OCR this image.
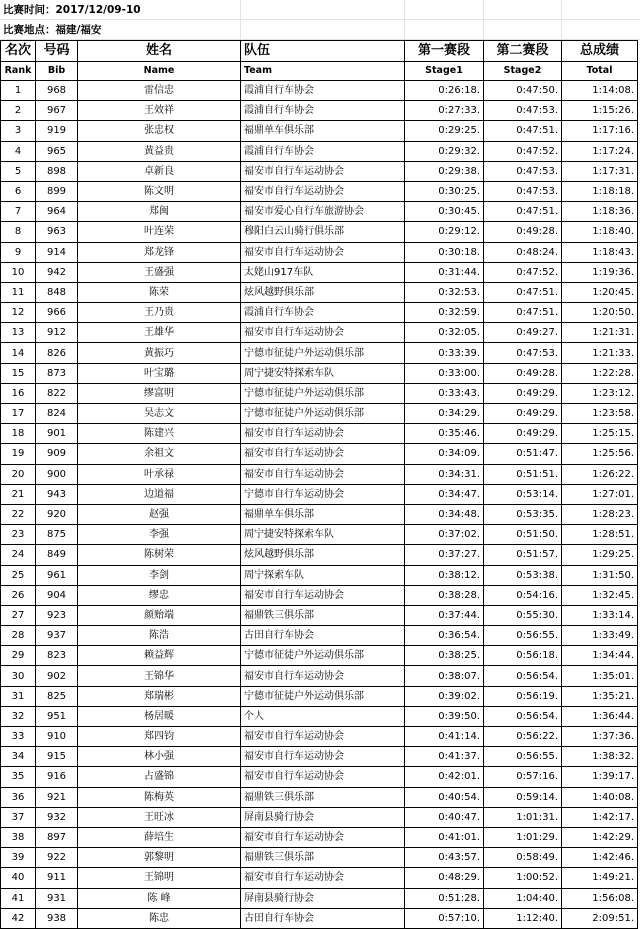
比赛时间：2017/12/09-10
比赛地点：福建/福安
名次	号码	姓名	队伍	第一赛段	第二赛段	总成绩
Rank	Bib	Name	Team	Stage1	Stage2	Total
1	968	雷信忠	霞浦自行车协会	0:26:18.	0:47:50.	1:14:08.
2	967	王效祥	霞浦自行车协会	0:27:33.	0:47:53.	1:15:26.
3	919	张忠权	福鼎单车俱乐部	0:29:25.	0:47:51.	1:17:16.
4	965	黄益贵	霞浦自行车协会	0:29:32.	0:47:52.	1:17:24.
5	898	卓新良	福安市自行车运动协会	0:29:38.	0:47:53.	1:17:31.
6	899	陈文明	福安市自行车运动协会	0:30:25.	0:47:53.	1:18:18.
7	964	郑闽	福安市爱心自行车旅游协会	0:30:45.	0:47:51.	1:18:36.
8	963	叶连荣	穆阳白云山骑行俱乐部	0:29:12.	0:49:28.	1:18:40.
9	914	郑龙锋	福安市自行车运动协会	0:30:18.	0:48:24.	1:18:43.
10	942	王盛强	太姥山917车队	0:31:44.	0:47:52.	1:19:36.
11	848	陈荣	炫风越野俱乐部	0:32:53.	0:47:51.	1:20:45.
12	966	王乃贵	霞浦自行车协会	0:32:59.	0:47:51.	1:20:50.
13	912	王雄华	福安市自行车运动协会	0:32:05.	0:49:27.	1:21:31.
14	826	黄振巧	宁德市征徒户外运动俱乐部	0:33:39.	0:47:53.	1:21:33.
15	873	叶宝璐	周宁捷安特探索车队	0:33:00.	0:49:28.	1:22:28.
16	822	缪富明	宁德市征徒户外运动俱乐部	0:33:43.	0:49:29.	1:23:12.
17	824	吴志文	宁德市征徒户外运动俱乐部	0:34:29.	0:49:29.	1:23:58.
18	901	陈建兴	福安市自行车运动协会	0:35:46.	0:49:29.	1:25:15.
19	909	余祖文	福安市自行车运动协会	0:34:09.	0:51:47.	1:25:56.
20	900	叶承禄	福安市自行车运动协会	0:34:31.	0:51:51.	1:26:22.
21	943	边道福	宁德市自行车运动协会	0:34:47.	0:53:14.	1:27:01.
22	920	赵强	福鼎单车俱乐部	0:34:48.	0:53:35.	1:28:23.
23	875	李强	周宁捷安特探索车队	0:37:02.	0:51:50.	1:28:51.
24	849	陈树荣	炫风越野俱乐部	0:37:27.	0:51:57.	1:29:25.
25	961	李剑	周宁探索车队	0:38:12.	0:53:38.	1:31:50.
26	904	缪忠	福安市自行车运动协会	0:38:28.	0:54:16.	1:32:45.
27	923	颜贻端	福鼎铁三俱乐部	0:37:44.	0:55:30.	1:33:14.
28	937	陈浩	古田自行车协会	0:36:54.	0:56:55.	1:33:49.
29	823	赖益辉	宁德市征徒户外运动俱乐部	0:38:25.	0:56:18.	1:34:44.
30	902	王锦华	福安市自行车运动协会	0:38:07.	0:56:54.	1:35:01.
31	825	郑瑞彬	宁德市征徒户外运动俱乐部	0:39:02.	0:56:19.	1:35:21.
32	951	杨居暖	个人	0:39:50.	0:56:54.	1:36:44.
33	910	郑四钧	福安市自行车运动协会	0:41:14.	0:56:22.	1:37:36.
34	915	林小强	福安市自行车运动协会	0:41:37.	0:56:55.	1:38:32.
35	916	占盛锦	福安市自行车运动协会	0:42:01.	0:57:16.	1:39:17.
36	921	陈梅英	福鼎铁三俱乐部	0:40:54.	0:59:14.	1:40:08.
37	932	王旺冰	屏南县骑行协会	0:40:47.	1:01:31.	1:42:17.
38	897	薛培生	福安市自行车运动协会	0:41:01.	1:01:29.	1:42:29.
39	922	郭黎明	福鼎铁三俱乐部	0:43:57.	0:58:49.	1:42:46.
40	911	王锦明	福安市自行车运动协会	0:48:29.	1:00:52.	1:49:21.
41	931	陈 峰	屏南县骑行协会	0:51:28.	1:04:40.	1:56:08.
42	938	陈忠	古田自行车协会	0:57:10.	1:12:40.	2:09:51.
